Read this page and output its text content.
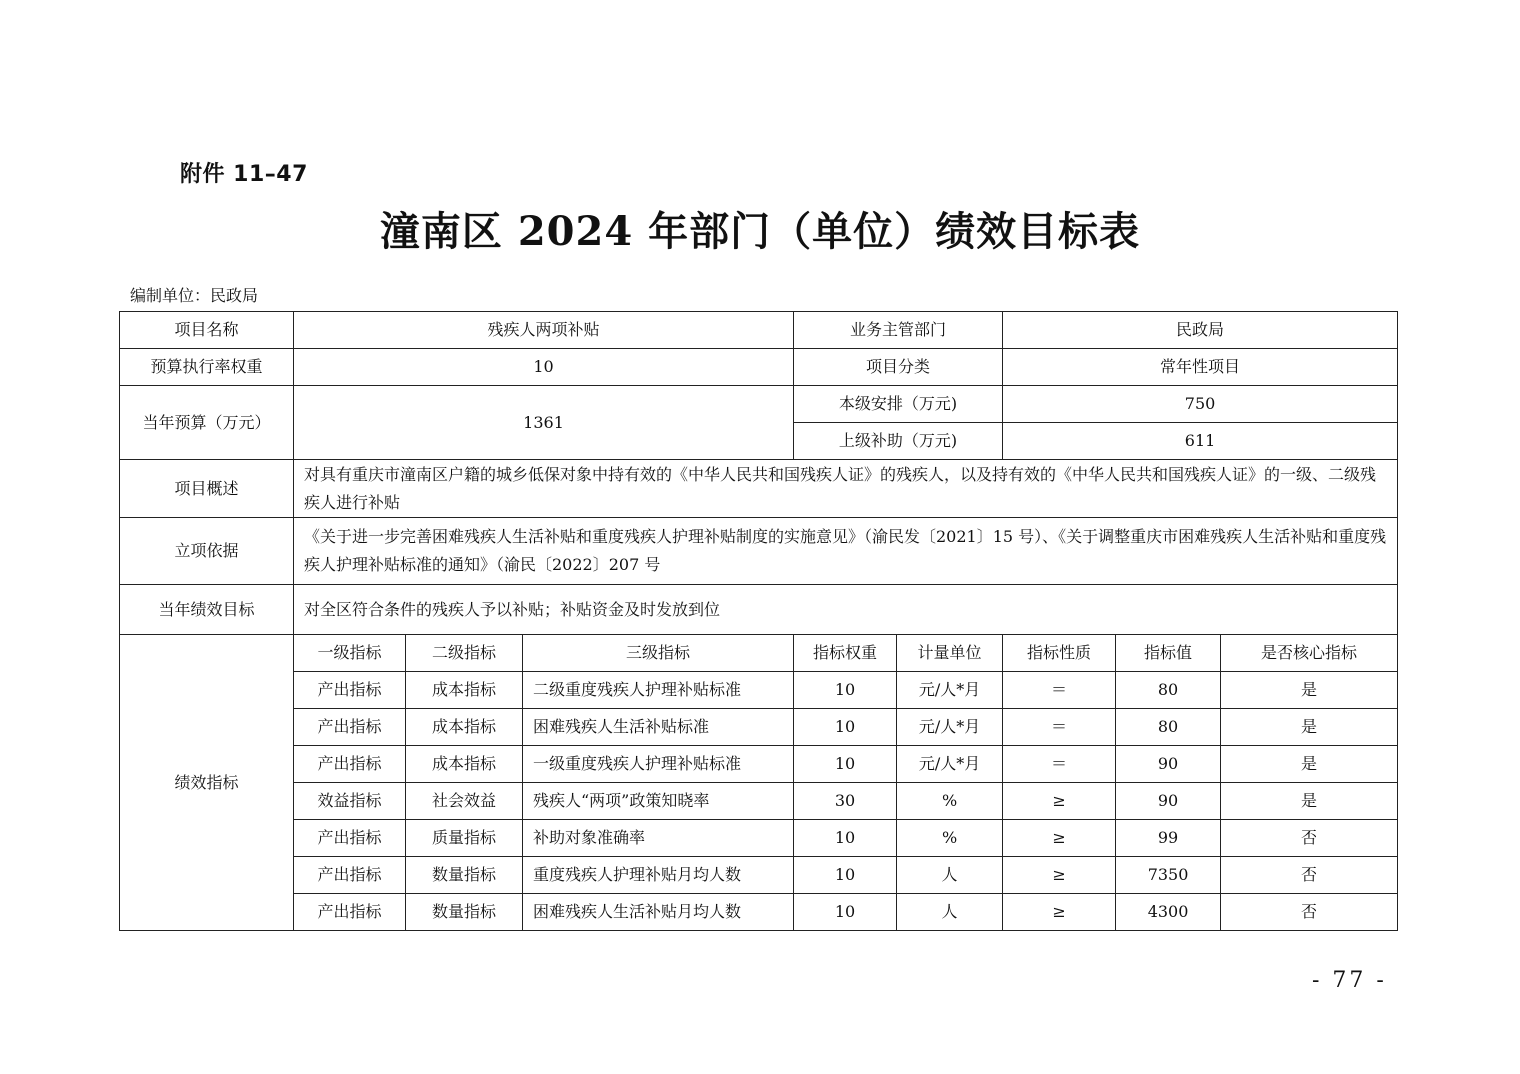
附件 11–47
潼南区 2024 年部门（单位）绩效目标表
编制单位：民政局
项目名称	残疾人两项补贴			业务主管部门		民政局		
预算执行率权重	10			项目分类		常年性项目		
当年预算（万元）	1361			本级安排（万元)		750		
				上级补助（万元)		611		
项目概述	对具有重庆市潼南区户籍的城乡低保对象中持有效的《中华人民共和国残疾人证》的残疾人，以及持有效的《中华人民共和国残疾人证》的一级、二级残疾人进行补贴							
立项依据	《关于进一步完善困难残疾人生活补贴和重度残疾人护理补贴制度的实施意见》（渝民发〔2021〕15 号）、《关于调整重庆市困难残疾人生活补贴和重度残疾人护理补贴标准的通知》（渝民〔2022〕207 号							
当年绩效目标	对全区符合条件的残疾人予以补贴；补贴资金及时发放到位							
绩效指标	一级指标	二级指标	三级指标	指标权重	计量单位	指标性质	指标值	是否核心指标
	产出指标	成本指标	二级重度残疾人护理补贴标准	10	元/人*月	＝	80	是
	产出指标	成本指标	困难残疾人生活补贴标准	10	元/人*月	＝	80	是
	产出指标	成本指标	一级重度残疾人护理补贴标准	10	元/人*月	＝	90	是
	效益指标	社会效益	残疾人“两项”政策知晓率	30	%	≥	90	是
	产出指标	质量指标	补助对象准确率	10	%	≥	99	否
	产出指标	数量指标	重度残疾人护理补贴月均人数	10	人	≥	7350	否
	产出指标	数量指标	困难残疾人生活补贴月均人数	10	人	≥	4300	否
- 77 -
